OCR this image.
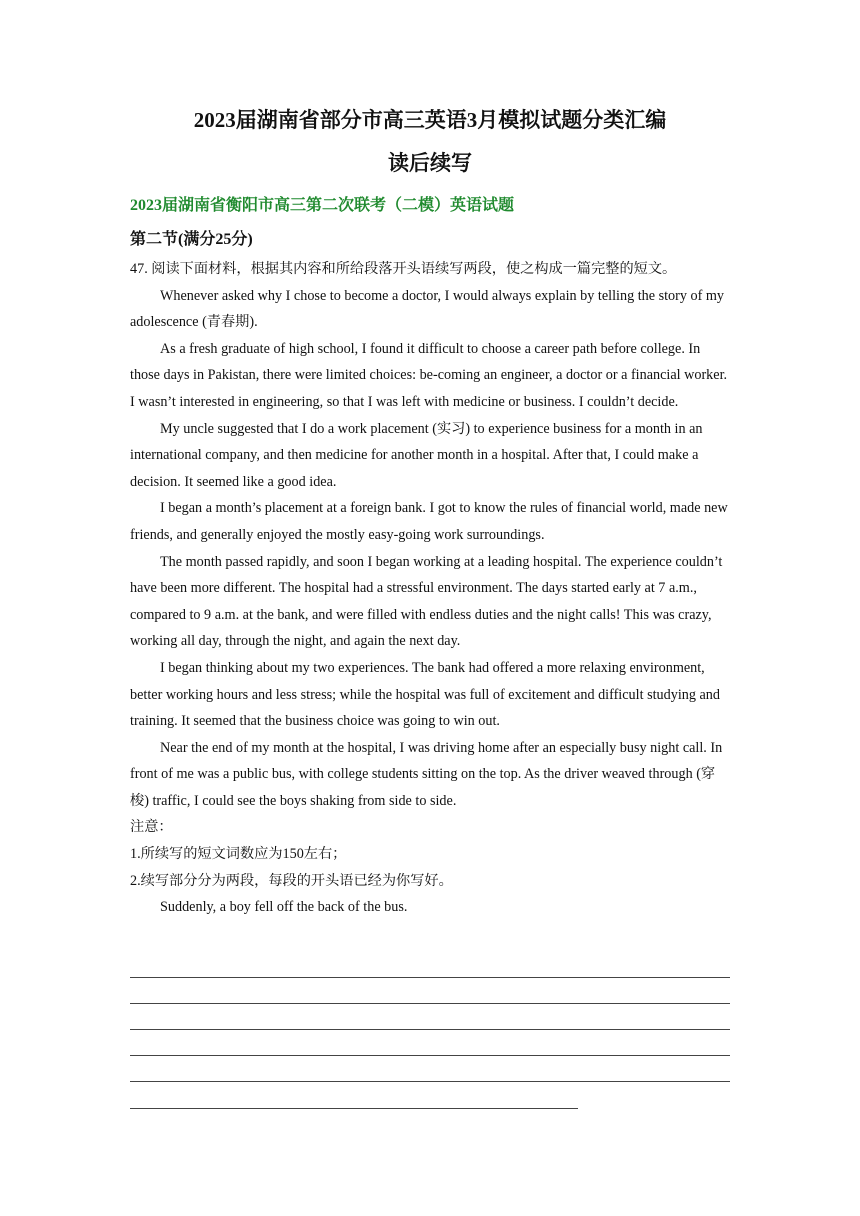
2023届湖南省部分市高三英语3月模拟试题分类汇编
读后续写
2023届湖南省衡阳市高三第二次联考（二模）英语试题
第二节(满分25分)

47. 阅读下面材料，根据其内容和所给段落开头语续写两段，使之构成一篇完整的短文。

Whenever asked why I chose to become a doctor, I would always explain by telling the story of my adolescence (青春期).

As a fresh graduate of high school, I found it difficult to choose a career path before college. In those days in Pakistan, there were limited choices: be-coming an engineer, a doctor or a financial worker. I wasn’t interested in engineering, so that I was left with medicine or business. I couldn’t decide.

My uncle suggested that I do a work placement (实习) to experience business for a month in an international company, and then medicine for another month in a hospital. After that, I could make a decision. It seemed like a good idea.

I began a month’s placement at a foreign bank. I got to know the rules of financial world, made new friends, and generally enjoyed the mostly easy-going work surroundings.

The month passed rapidly, and soon I began working at a leading hospital. The experience couldn’t have been more different. The hospital had a stressful environment. The days started early at 7 a.m., compared to 9 a.m. at the bank, and were filled with endless duties and the night calls! This was crazy, working all day, through the night, and again the next day.

I began thinking about my two experiences. The bank had offered a more relaxing environment, better working hours and less stress; while the hospital was full of excitement and difficult studying and training. It seemed that the business choice was going to win out.

Near the end of my month at the hospital, I was driving home after an especially busy night call. In front of me was a public bus, with college students sitting on the top. As the driver weaved through (穿梭) traffic, I could see the boys shaking from side to side.

注意：

1.所续写的短文词数应为150左右；

2.续写部分分为两段，每段的开头语已经为你写好。

Suddenly, a boy fell off the back of the bus.
